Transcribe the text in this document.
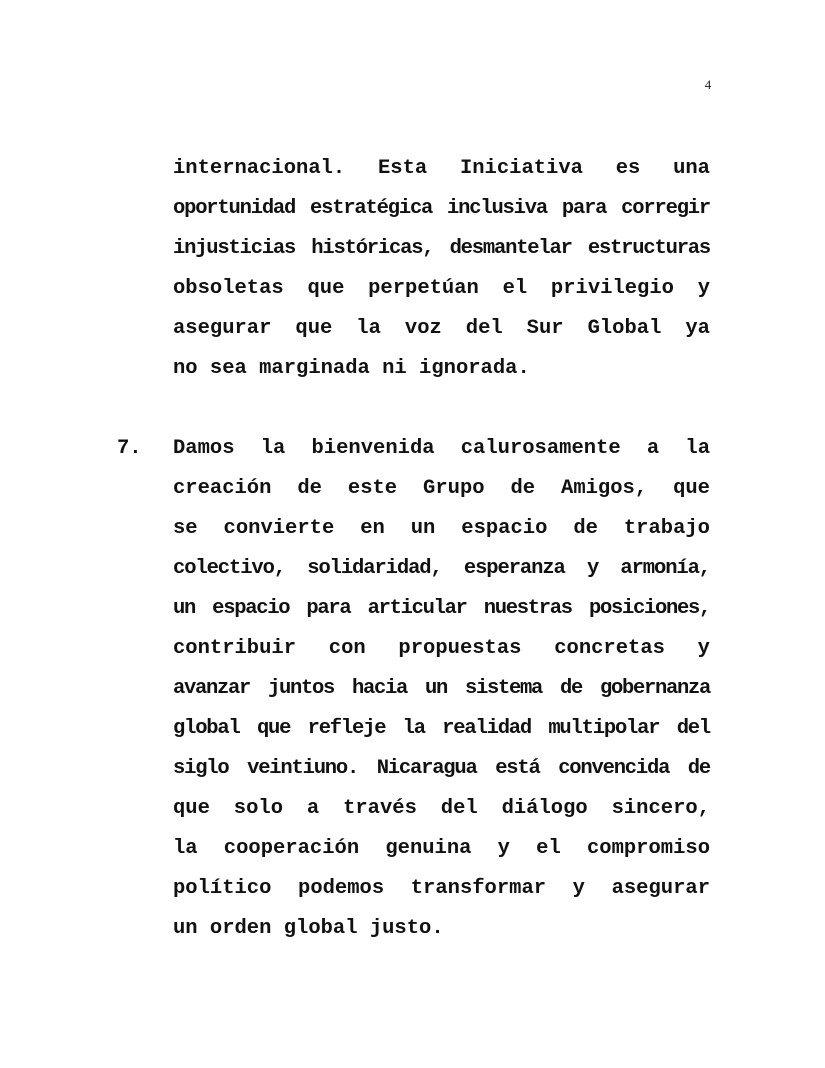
4
internacional. Esta Iniciativa es una
oportunidad estratégica inclusiva para corregir
injusticias históricas, desmantelar estructuras
obsoletas que perpetúan el privilegio y
asegurar que la voz del Sur Global ya
no sea marginada ni ignorada.
7. Damos la bienvenida calurosamente a la
creación de este Grupo de Amigos, que
se convierte en un espacio de trabajo
colectivo, solidaridad, esperanza y armonía,
un espacio para articular nuestras posiciones,
contribuir con propuestas concretas y
avanzar juntos hacia un sistema de gobernanza
global que refleje la realidad multipolar del
siglo veintiuno. Nicaragua está convencida de
que solo a través del diálogo sincero,
la cooperación genuina y el compromiso
político podemos transformar y asegurar
un orden global justo.
